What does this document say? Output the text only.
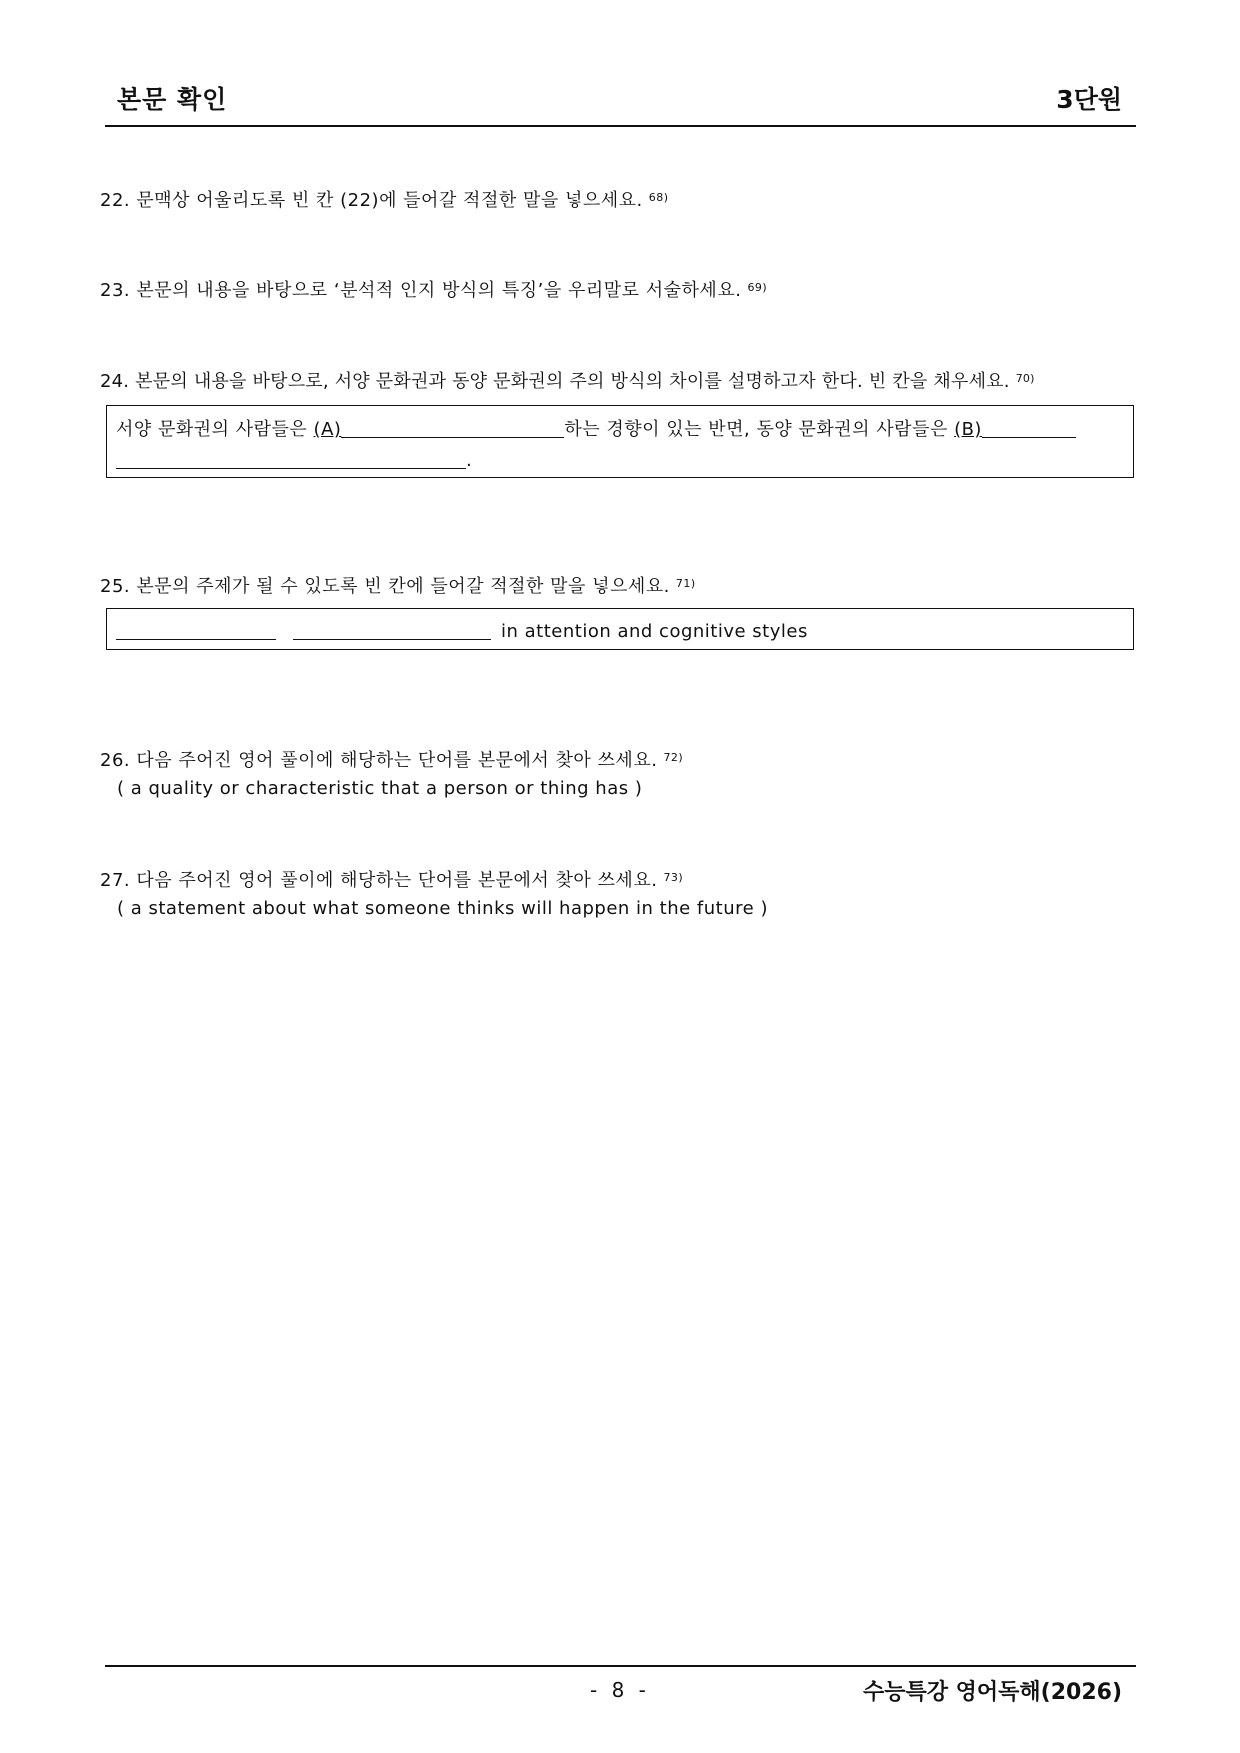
본문 확인	3단원
22. 문맥상 어울리도록 빈 칸 (22)에 들어갈 적절한 말을 넣으세요. $^{68)}$
23. 본문의 내용을 바탕으로 ‘분석적 인지 방식의 특징’을 우리말로 서술하세요. $^{69)}$
24. 본문의 내용을 바탕으로, 서양 문화권과 동양 문화권의 주의 방식의 차이를 설명하고자 한다. 빈 칸을 채우세요. $^{70)}$
서양 문화권의 사람들은 (A)	하는 경향이 있는 반면, 동양 문화권의 사람들은 (B)
.
25. 본문의 주제가 될 수 있도록 빈 칸에 들어갈 적절한 말을 넣으세요. $^{71)}$
in attention and cognitive styles
26. 다음 주어진 영어 풀이에 해당하는 단어를 본문에서 찾아 쓰세요. $^{72)}$
( a quality or characteristic that a person or thing has )
27. 다음 주어진 영어 풀이에 해당하는 단어를 본문에서 찾아 쓰세요. $^{73)}$
( a statement about what someone thinks will happen in the future )
- 8 -	수능특강 영어독해(2026)
